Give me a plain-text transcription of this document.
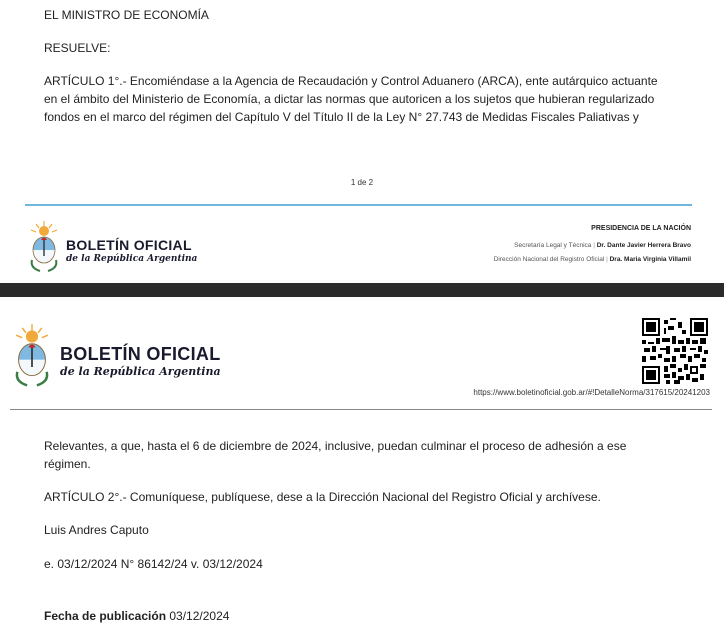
EL MINISTRO DE ECONOMÍA
RESUELVE:
ARTÍCULO 1°.- Encomiéndase a la Agencia de Recaudación y Control Aduanero (ARCA), ente autárquico actuante
en el ámbito del Ministerio de Economía, a dictar las normas que autoricen a los sujetos que hubieran regularizado
fondos en el marco del régimen del Capítulo V del Título II de la Ley N° 27.743 de Medidas Fiscales Paliativas y
1 de 2
BOLETÍN OFICIAL
de la República Argentina
PRESIDENCIA DE LA NACIÓN
Secretaría Legal y Técnica | Dr. Dante Javier Herrera Bravo
Dirección Nacional del Registro Oficial | Dra. Maria Virginia Villamil
BOLETÍN OFICIAL
de la República Argentina
https://www.boletinoficial.gob.ar/#!DetalleNorma/317615/20241203
Relevantes, a que, hasta el 6 de diciembre de 2024, inclusive, puedan culminar el proceso de adhesión a ese
régimen.
ARTÍCULO 2°.- Comuníquese, publíquese, dese a la Dirección Nacional del Registro Oficial y archívese.
Luis Andres Caputo
e. 03/12/2024 N° 86142/24 v. 03/12/2024
Fecha de publicación 03/12/2024
